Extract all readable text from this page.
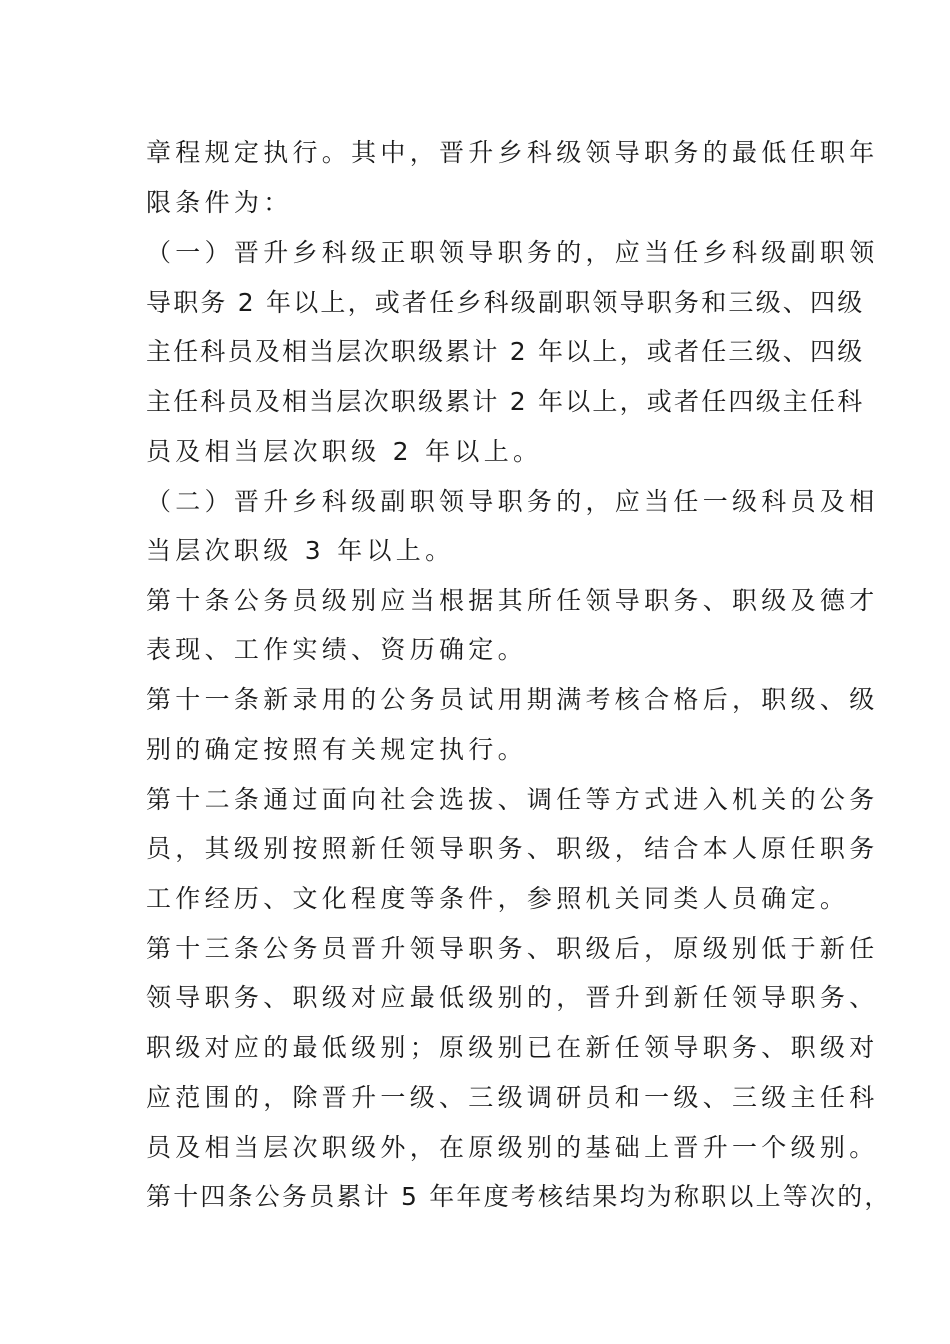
章程规定执行。其中，晋升乡科级领导职务的最低任职年
限条件为：
（一）晋升乡科级正职领导职务的，应当任乡科级副职领
导职务 2 年以上，或者任乡科级副职领导职务和三级、四级
主任科员及相当层次职级累计 2 年以上，或者任三级、四级
主任科员及相当层次职级累计 2 年以上，或者任四级主任科
员及相当层次职级 2 年以上。
（二）晋升乡科级副职领导职务的，应当任一级科员及相
当层次职级 3 年以上。
第十条公务员级别应当根据其所任领导职务、职级及德才
表现、工作实绩、资历确定。
第十一条新录用的公务员试用期满考核合格后，职级、级
别的确定按照有关规定执行。
第十二条通过面向社会选拔、调任等方式进入机关的公务
员，其级别按照新任领导职务、职级，结合本人原任职务
工作经历、文化程度等条件，参照机关同类人员确定。
第十三条公务员晋升领导职务、职级后，原级别低于新任
领导职务、职级对应最低级别的，晋升到新任领导职务、
职级对应的最低级别；原级别已在新任领导职务、职级对
应范围的，除晋升一级、三级调研员和一级、三级主任科
员及相当层次职级外，在原级别的基础上晋升一个级别。
第十四条公务员累计 5 年年度考核结果均为称职以上等次的，
